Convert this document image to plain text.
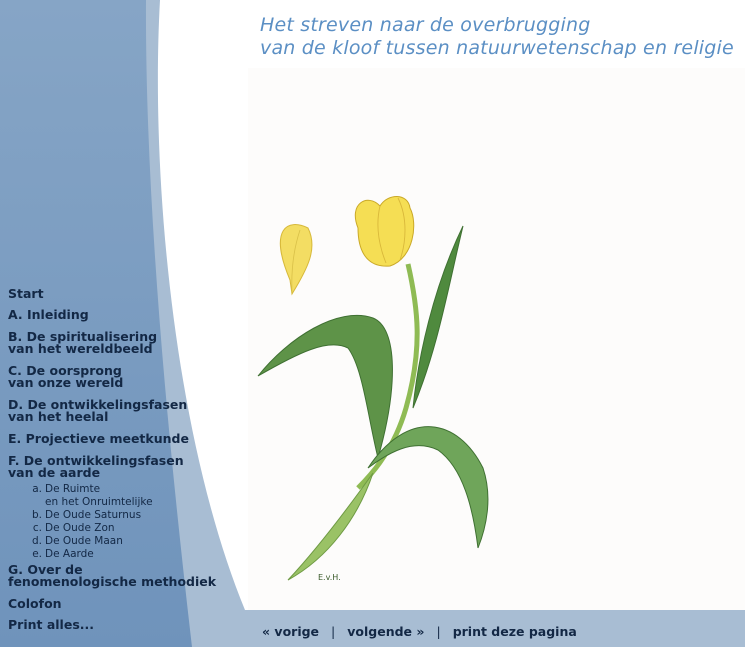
Het streven naar de overbrugging
van de kloof tussen natuurwetenschap en religie
Start
A. Inleiding
B. De spiritualisering
van het wereldbeeld
C. De oorsprong
van onze wereld
D. De ontwikkelingsfasen
van het heelal
E. Projectieve meetkunde
F. De ontwikkelingsfasen
van de aarde
a. De Ruimte
en het Onruimtelijke
b. De Oude Saturnus
c. De Oude Zon
d. De Oude Maan
e. De Aarde
G. Over de
fenomenologische methodiek
Colofon
Print alles...
E.v.H.
« vorige | volgende » | print deze pagina
